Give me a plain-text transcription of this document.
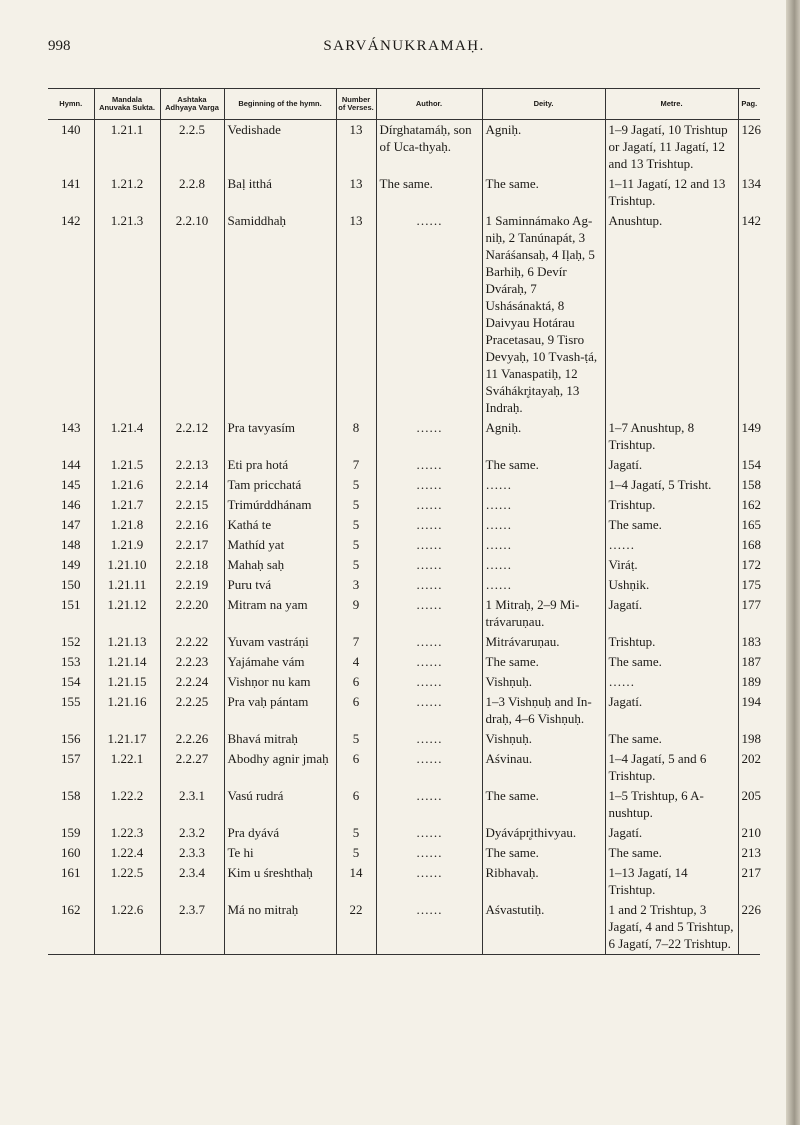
998	SARVÁNUKRAMAḤ.
Hymn.	Mandala Anuvaka Sukta.	Ashtaka Adhyaya Varga	Beginning of the hymn.	Number of Verses.	Author.	Deity.	Metre.	Pag.
140	1.21.1	2.2.5	Vedishade	13	Dírghatamáḥ, son of Uca-thyaḥ.	Agniḥ.	1–9 Jagatí, 10 Trishtup or Jagatí, 11 Jagatí, 12 and 13 Trishtup.	126
141	1.21.2	2.2.8	Baḷ itthá	13	The same.	The same.	1–11 Jagatí, 12 and 13 Trishtup.	134
142	1.21.3	2.2.10	Samiddhaḥ	13	……	1 Saminnámako Ag-niḥ, 2 Tanúnapát, 3 Naráśansaḥ, 4 Iḷaḥ, 5 Barhiḥ, 6 Devír Dváraḥ, 7 Ushásánaktá, 8 Daivyau Hotárau Pracetasau, 9 Tisro Devyaḥ, 10 Tvash-ṭá, 11 Vanaspatiḥ, 12 Sváhákr̥itayaḥ, 13 Indraḥ.	Anushtup.	142
143	1.21.4	2.2.12	Pra tavyasím	8	……	Agniḥ.	1–7 Anushtup, 8 Trishtup.	149
144	1.21.5	2.2.13	Eti pra hotá	7	……	The same.	Jagatí.	154
145	1.21.6	2.2.14	Tam pricchatá	5	……	……	1–4 Jagatí, 5 Trisht.	158
146	1.21.7	2.2.15	Trimúrddhánam	5	……	……	Trishtup.	162
147	1.21.8	2.2.16	Kathá te	5	……	……	The same.	165
148	1.21.9	2.2.17	Mathíd yat	5	……	……	……	168
149	1.21.10	2.2.18	Mahaḥ saḥ	5	……	……	Viráṭ.	172
150	1.21.11	2.2.19	Puru tvá	3	……	……	Ushṇik.	175
151	1.21.12	2.2.20	Mitram na yam	9	……	1 Mitraḥ, 2–9 Mi-trávaruṇau.	Jagatí.	177
152	1.21.13	2.2.22	Yuvam vastráṇi	7	……	Mitrávaruṇau.	Trishtup.	183
153	1.21.14	2.2.23	Yajámahe vám	4	……	The same.	The same.	187
154	1.21.15	2.2.24	Vishṇor nu kam	6	……	Vishṇuḥ.	……	189
155	1.21.16	2.2.25	Pra vaḥ pántam	6	……	1–3 Vishṇuḥ and In-draḥ, 4–6 Vishṇuḥ.	Jagatí.	194
156	1.21.17	2.2.26	Bhavá mitraḥ	5	……	Vishṇuḥ.	The same.	198
157	1.22.1	2.2.27	Abodhy agnir jmaḥ	6	……	Aśvinau.	1–4 Jagatí, 5 and 6 Trishtup.	202
158	1.22.2	2.3.1	Vasú rudrá	6	……	The same.	1–5 Trishtup, 6 A-nushtup.	205
159	1.22.3	2.3.2	Pra dyává	5	……	Dyávápr̥ithivyau.	Jagatí.	210
160	1.22.4	2.3.3	Te hi	5	……	The same.	The same.	213
161	1.22.5	2.3.4	Kim u śreshthaḥ	14	……	Ribhavaḥ.	1–13 Jagatí, 14 Trishtup.	217
162	1.22.6	2.3.7	Má no mitraḥ	22	……	Aśvastutiḥ.	1 and 2 Trishtup, 3 Jagatí, 4 and 5 Trishtup, 6 Jagatí, 7–22 Trishtup.	226
